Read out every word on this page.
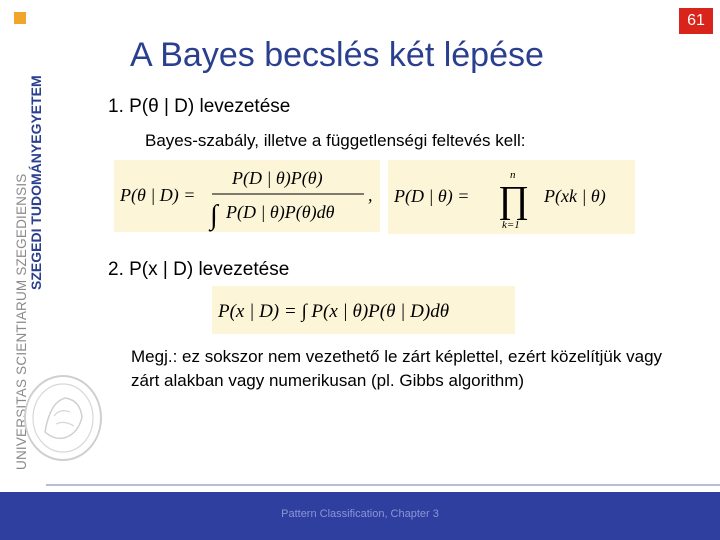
UNIVERSITAS SCIENTIARUM SZEGEDIENSIS SZEGEDI TUDOMÁNYEGYETEM
61
A Bayes becslés két lépése
1. P(θ | D) levezetése
Bayes-szabály, illetve a függetlenségi feltevés kell:
P(θ | D) =
P(D | θ)P(θ)
∫ P(D | θ)P(θ)dθ
, P(D | θ) =
n
∏
k=1
P(xk | θ)
2. P(x | D) levezetése
P(x | D) = ∫ P(x | θ)P(θ | D)dθ
Megj.: ez sokszor nem vezethető le zárt képlettel, ezért közelítjük vagy zárt alakban vagy numerikusan (pl. Gibbs algorithm)
Pattern Classification, Chapter 3
